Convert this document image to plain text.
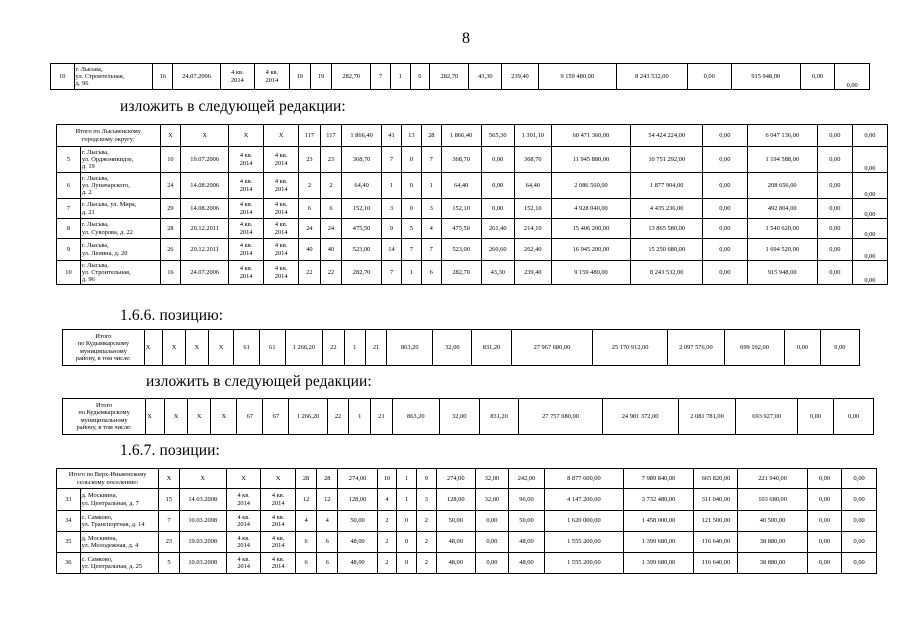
8
10	г. Лысьва,
ул. Строительная,
д. 96	16	24.07.2006	4 кв.
2014	4 кв.
2014	19	19	282,70	7	1	6	282,70	43,30	239,40	9 159 480,00	8 243 532,00	0,00	915 948,00	0,00	0,00
изложить в следующей редакции:
Итого по Лысьвенскому
городскому округу:		X	X	X	X	117	117	1 866,40	41	13	28	1 866,40	565,30	1 301,10	60 471 360,00	54 424 224,00	0,00	6 047 136,00	0,00	0,00
5	г. Лысьва,
ул. Орджоникидзе,
д. 19	10	19.07.2006	4 кв.
2014	4 кв.
2014	23	23	368,70	7	0	7	368,70	0,00	368,70	11 945 880,00	10 751 292,00	0,00	1 194 588,00	0,00	0,00
6	г. Лысьва,
ул. Луначарского,
д. 2	24	14.08.2006	4 кв.
2014	4 кв.
2014	2	2	64,40	1	0	1	64,40	0,00	64,40	2 086 560,00	1 877 904,00	0,00	208 656,00	0,00	0,00
7	г. Лысьва, ул. Мира,
д. 21	29	14.08.2006	4 кв.
2014	4 кв.
2014	6	6	152,10	3	0	3	152,10	0,00	152,10	4 928 040,00	4 435 236,00	0,00	492 804,00	0,00	0,00
8	г. Лысьва,
ул. Суворова, д. 22	28	20.12.2011	4 кв.
2014	4 кв.
2014	24	24	475,50	9	5	4	475,50	261,40	214,10	15 406 200,00	13 865 580,00	0,00	1 540 620,00	0,00	0,00
9	г. Лысьва,
ул. Ленина, д. 20	26	20.12.2011	4 кв.
2014	4 кв.
2014	40	40	523,00	14	7	7	523,00	260,60	262,40	16 945 200,00	15 250 680,00	0,00	1 694 520,00	0,00	0,00
10	г. Лысьва,
ул. Строительная,
д. 96	16	24.07.2006	4 кв.
2014	4 кв.
2014	22	22	282,70	7	1	6	282,70	43,30	239,40	9 159 480,00	8 243 532,00	0,00	915 948,00	0,00	0,00
1.6.6. позицию:
Итого
по Кудымкарскому
муниципальному
району, в том числе:	X	X	X	X	61	61	1 266,20	22	1	21	863,20	32,00	831,20	27 967 680,00	25 170 912,00	2 097 576,00	699 192,00	0,00	0,00
изложить в следующей редакции:
Итого
по Кудымкарскому
муниципальному
району, в том числе:	X	X	X	X	67	67	1 266,20	22	1	21	863,20	32,00	831,20	27 757 080,00	24 981 372,00	2 081 781,00	693 927,00	0,00	0,00
1.6.7. позиции:
Итого по Верх-Иньвенскому
сельскому поселению:		X	X	X	X	28	28	274,00	10	1	9	274,00	32,00	242,00	8 877 600,00	7 989 840,00	665 820,00	221 940,00	0,00	0,00
33	д. Москвина,
ул. Центральная, д. 7	15	14.03.2008	4 кв.
2014	4 кв.
2014	12	12	128,00	4	1	3	128,00	32,00	96,00	4 147 200,00	3 732 480,00	311 040,00	103 680,00	0,00	0,00
34	с. Самково,
ул. Транспортная, д. 14	7	10.03.2008	4 кв.
2014	4 кв.
2014	4	4	50,00	2	0	2	50,00	0,00	50,00	1 620 000,00	1 458 000,00	121 500,00	40 500,00	0,00	0,00
35	д. Москвина,
ул. Молодежная, д. 4	23	19.03.2008	4 кв.
2014	4 кв.
2014	6	6	48,00	2	0	2	48,00	0,00	48,00	1 555 200,00	1 399 680,00	116 640,00	38 880,00	0,00	0,00
36	с. Самково,
ул. Центральная, д. 25	5	10.03.2008	4 кв.
2014	4 кв.
2014	6	6	48,00	2	0	2	48,00	0,00	48,00	1 555 200,00	1 399 680,00	116 640,00	38 880,00	0,00	0,00
